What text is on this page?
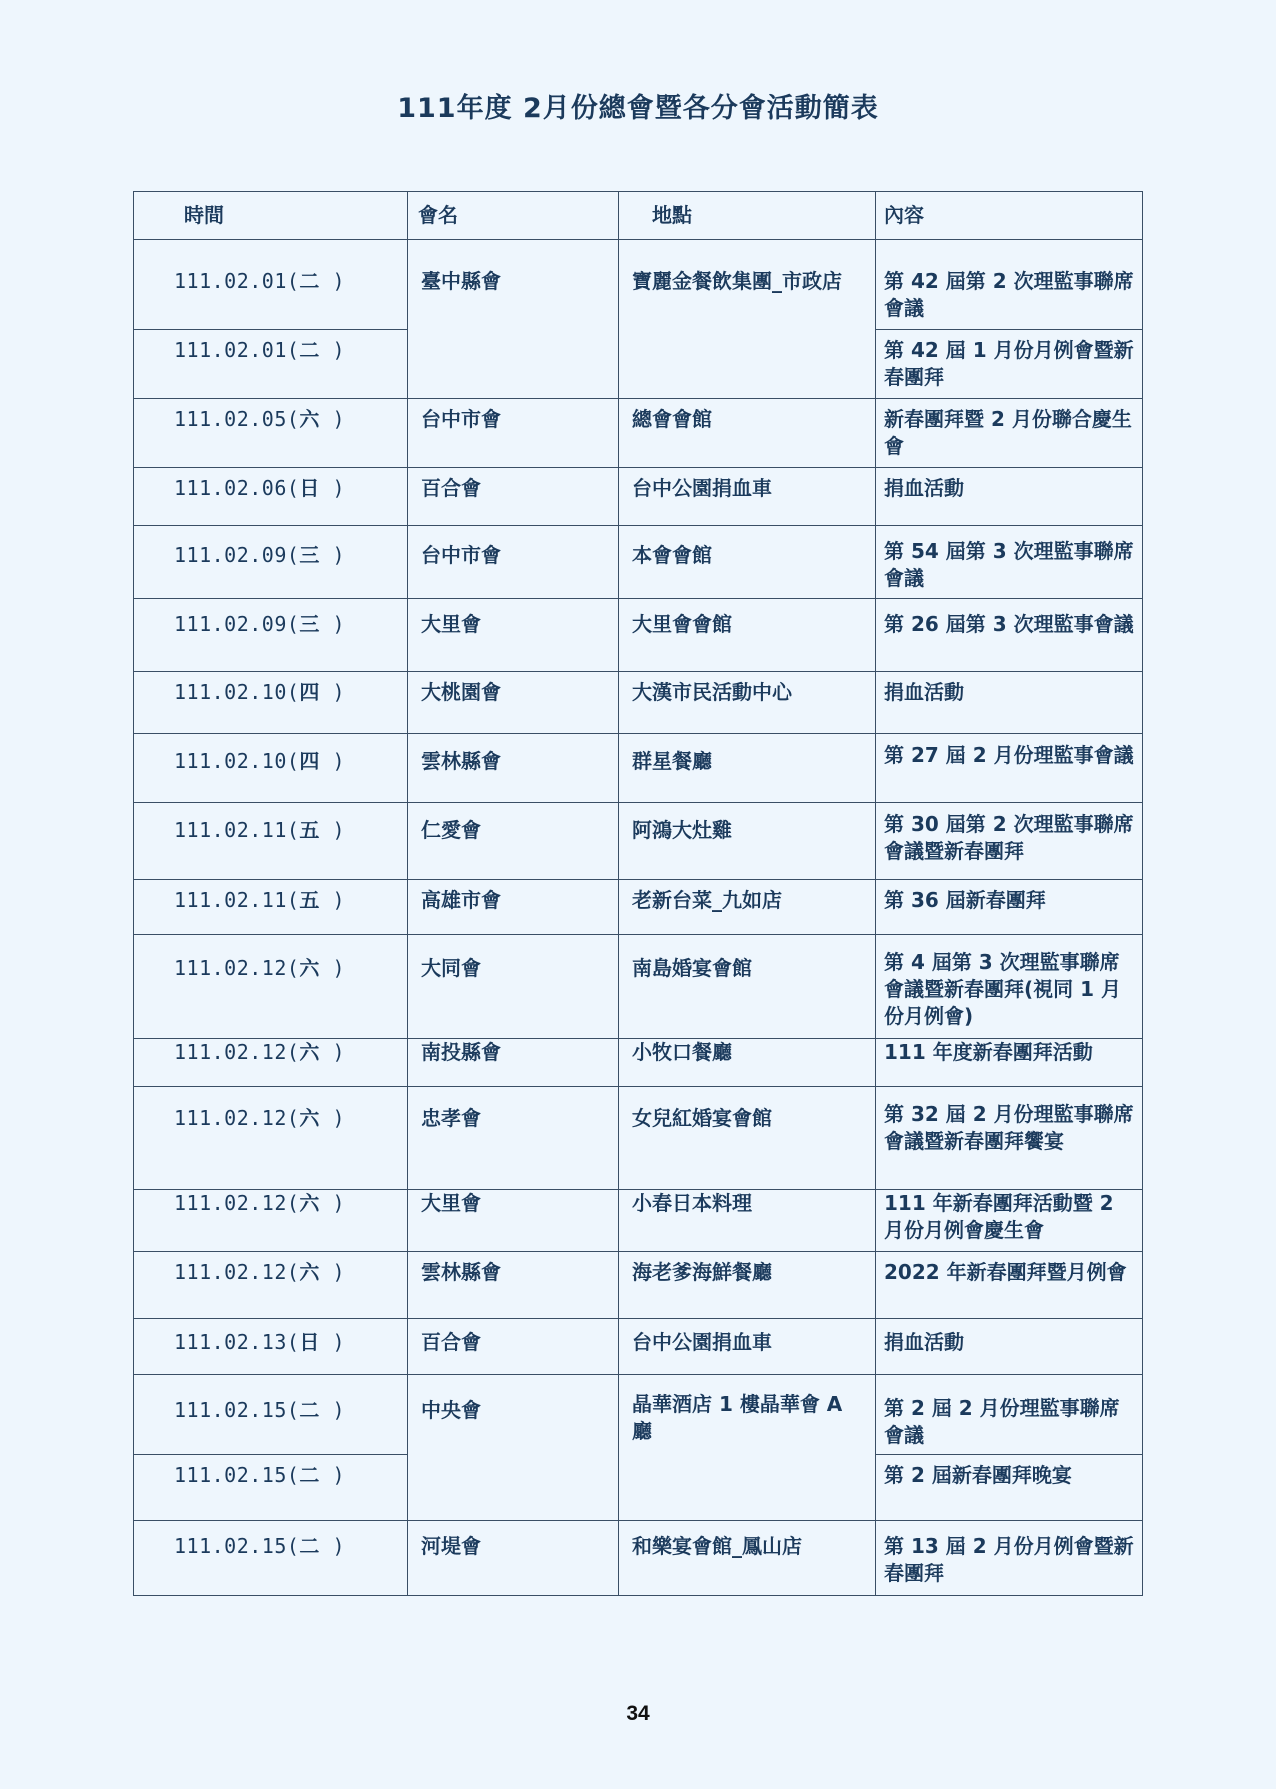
111年度 2月份總會暨各分會活動簡表
時間	會名	地點	內容
111.02.01(二 )	臺中縣會	寶麗金餐飲集團_市政店	第 42 屆第 2 次理監事聯席會議
111.02.01(二 )			第 42 屆 1 月份月例會暨新春團拜
111.02.05(六 )	台中市會	總會會館	新春團拜暨 2 月份聯合慶生會
111.02.06(日 )	百合會	台中公園捐血車	捐血活動
111.02.09(三 )	台中市會	本會會館	第 54 屆第 3 次理監事聯席會議
111.02.09(三 )	大里會	大里會會館	第 26 屆第 3 次理監事會議
111.02.10(四 )	大桃園會	大漢市民活動中心	捐血活動
111.02.10(四 )	雲林縣會	群星餐廳	第 27 屆 2 月份理監事會議
111.02.11(五 )	仁愛會	阿鴻大灶雞	第 30 屆第 2 次理監事聯席會議暨新春團拜
111.02.11(五 )	高雄市會	老新台菜_九如店	第 36 屆新春團拜
111.02.12(六 )	大同會	南島婚宴會館	第 4 屆第 3 次理監事聯席會議暨新春團拜(視同 1 月份月例會)
111.02.12(六 )	南投縣會	小牧口餐廳	111 年度新春團拜活動
111.02.12(六 )	忠孝會	女兒紅婚宴會館	第 32 屆 2 月份理監事聯席會議暨新春團拜饗宴
111.02.12(六 )	大里會	小春日本料理	111 年新春團拜活動暨 2 月份月例會慶生會
111.02.12(六 )	雲林縣會	海老爹海鮮餐廳	2022 年新春團拜暨月例會
111.02.13(日 )	百合會	台中公園捐血車	捐血活動
111.02.15(二 )	中央會	晶華酒店 1 樓晶華會 A 廳	第 2 屆 2 月份理監事聯席會議
111.02.15(二 )			第 2 屆新春團拜晚宴
111.02.15(二 )	河堤會	和樂宴會館_鳳山店	第 13 屆 2 月份月例會暨新春團拜
34
